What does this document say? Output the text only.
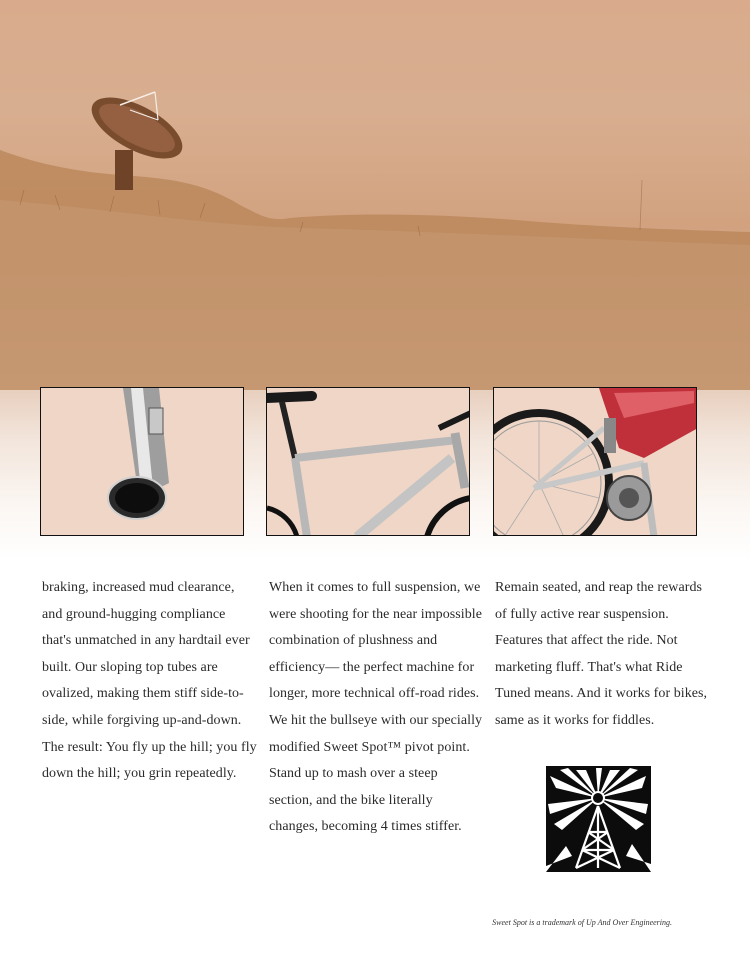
braking, increased mud clearance, and ground-hugging compliance that's unmatched in any hardtail ever built. Our sloping top tubes are ovalized, making them stiff side-to-side, while forgiving up-and-down. The result: You fly up the hill; you fly down the hill; you grin repeatedly.
When it comes to full suspension, we were shooting for the near impossible combination of plushness and efficiency— the perfect machine for longer, more technical off-road rides. We hit the bullseye with our specially modified Sweet Spot™ pivot point. Stand up to mash over a steep section, and the bike literally changes, becoming 4 times stiffer.
Remain seated, and reap the rewards of fully active rear suspension. Features that affect the ride. Not marketing fluff. That's what Ride Tuned means. And it works for bikes, same as it works for fiddles.
Sweet Spot is a trademark of Up And Over Engineering.
